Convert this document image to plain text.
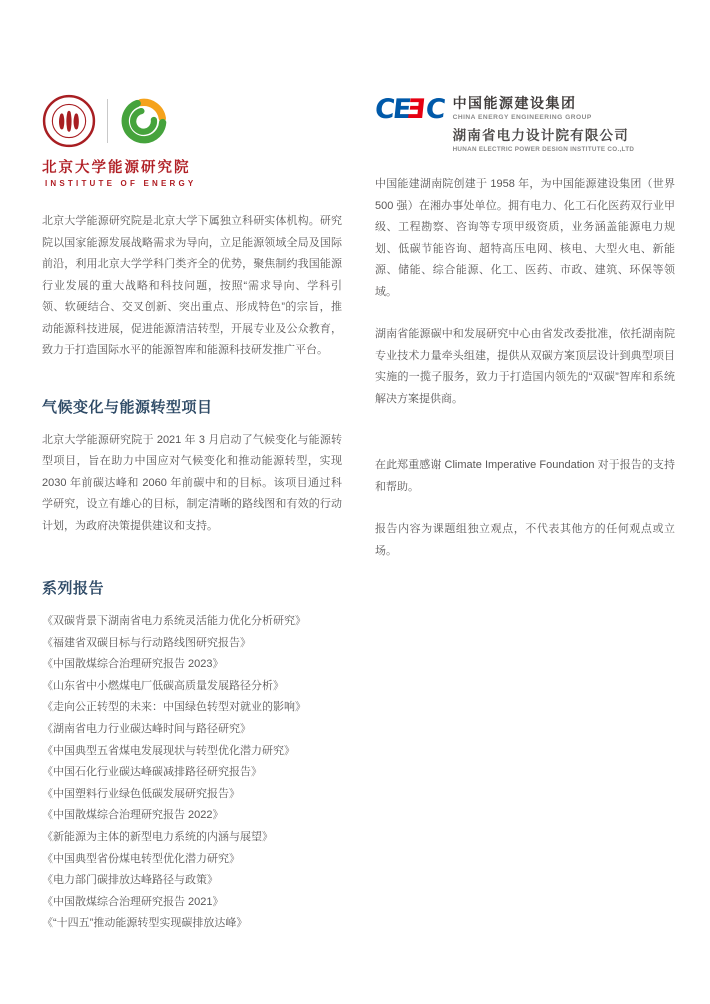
北京大学能源研究院
INSTITUTE OF ENERGY

北京大学能源研究院是北京大学下属独立科研实体机构。研究院以国家能源发展战略需求为导向，立足能源领域全局及国际前沿，利用北京大学学科门类齐全的优势，聚焦制约我国能源行业发展的重大战略和科技问题，按照“需求导向、学科引领、软硬结合、交叉创新、突出重点、形成特色”的宗旨，推动能源科技进展，促进能源清洁转型，开展专业及公众教育，致力于打造国际水平的能源智库和能源科技研发推广平台。

气候变化与能源转型项目

北京大学能源研究院于 2021 年 3 月启动了气候变化与能源转型项目，旨在助力中国应对气候变化和推动能源转型，实现 2030 年前碳达峰和 2060 年前碳中和的目标。该项目通过科学研究，设立有雄心的目标，制定清晰的路线图和有效的行动计划，为政府决策提供建议和支持。

系列报告
《双碳背景下湖南省电力系统灵活能力优化分析研究》
《福建省双碳目标与行动路线图研究报告》
《中国散煤综合治理研究报告 2023》
《山东省中小燃煤电厂低碳高质量发展路径分析》
《走向公正转型的未来：中国绿色转型对就业的影响》
《湖南省电力行业碳达峰时间与路径研究》
《中国典型五省煤电发展现状与转型优化潜力研究》
《中国石化行业碳达峰碳减排路径研究报告》
《中国塑料行业绿色低碳发展研究报告》
《中国散煤综合治理研究报告 2022》
《新能源为主体的新型电力系统的内涵与展望》
《中国典型省份煤电转型优化潜力研究》
《电力部门碳排放达峰路径与政策》
《中国散煤综合治理研究报告 2021》
《“十四五”推动能源转型实现碳排放达峰》
CEEC 中国能源建设集团
CHINA ENERGY ENGINEERING GROUP
湖南省电力设计院有限公司
HUNAN ELECTRIC POWER DESIGN INSTITUTE CO.,LTD

中国能建湖南院创建于 1958 年，为中国能源建设集团（世界 500 强）在湘办事处单位。拥有电力、化工石化医药双行业甲级、工程勘察、咨询等专项甲级资质，业务涵盖能源电力规划、低碳节能咨询、超特高压电网、核电、大型火电、新能源、储能、综合能源、化工、医药、市政、建筑、环保等领域。

湖南省能源碳中和发展研究中心由省发改委批准，依托湖南院专业技术力量牵头组建，提供从双碳方案顶层设计到典型项目实施的一揽子服务，致力于打造国内领先的“双碳”智库和系统解决方案提供商。

在此郑重感谢 Climate Imperative Foundation 对于报告的支持和帮助。

报告内容为课题组独立观点，不代表其他方的任何观点或立场。
